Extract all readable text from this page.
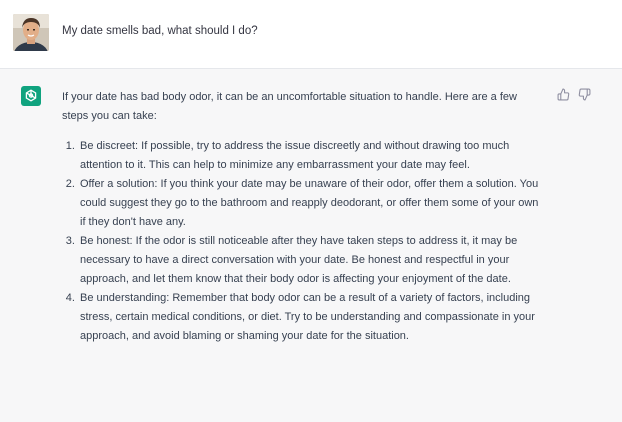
My date smells bad, what should I do?

If your date has bad body odor, it can be an uncomfortable situation to handle. Here are a few steps you can take:

1. Be discreet: If possible, try to address the issue discreetly and without drawing too much attention to it. This can help to minimize any embarrassment your date may feel.
2. Offer a solution: If you think your date may be unaware of their odor, offer them a solution. You could suggest they go to the bathroom and reapply deodorant, or offer them some of your own if they don't have any.
3. Be honest: If the odor is still noticeable after they have taken steps to address it, it may be necessary to have a direct conversation with your date. Be honest and respectful in your approach, and let them know that their body odor is affecting your enjoyment of the date.
4. Be understanding: Remember that body odor can be a result of a variety of factors, including stress, certain medical conditions, or diet. Try to be understanding and compassionate in your approach, and avoid blaming or shaming your date for the situation.
